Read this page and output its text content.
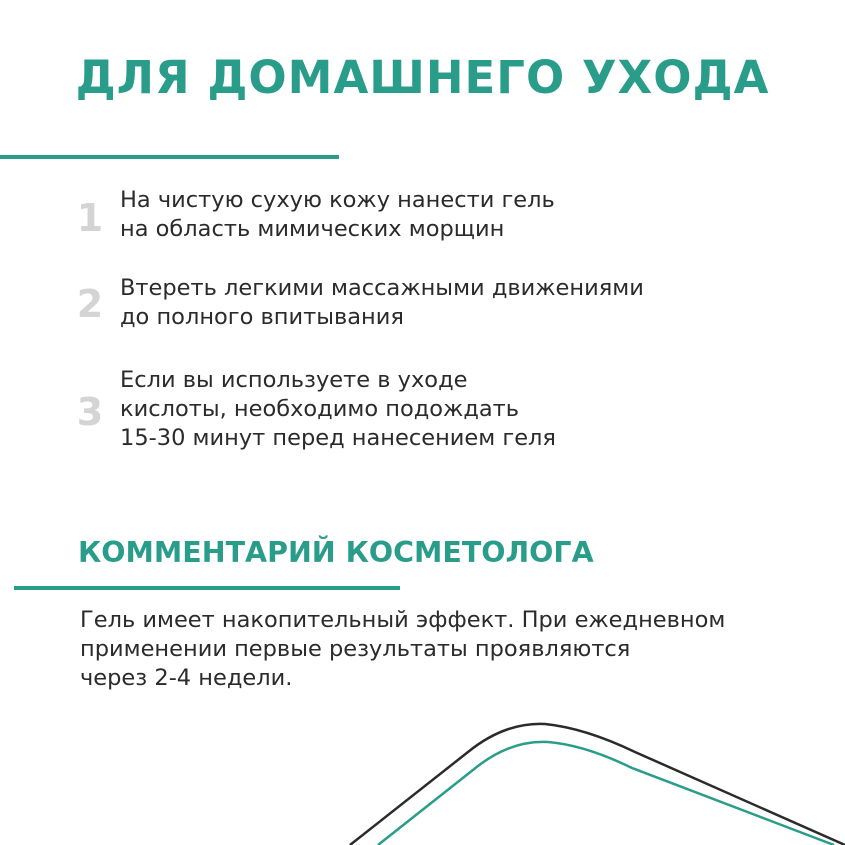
ДЛЯ ДОМАШНЕГО УХОДА
1 На чистую сухую кожу нанести гель
на область мимических морщин
2 Втереть легкими массажными движениями
до полного впитывания
3
Если вы используете в уходе
кислоты, необходимо подождать
15-30 минут перед нанесением геля
КОММЕНТАРИЙ КОСМЕТОЛОГА
Гель имеет накопительный эффект. При ежедневном
применении первые результаты проявляются
через 2-4 недели.
